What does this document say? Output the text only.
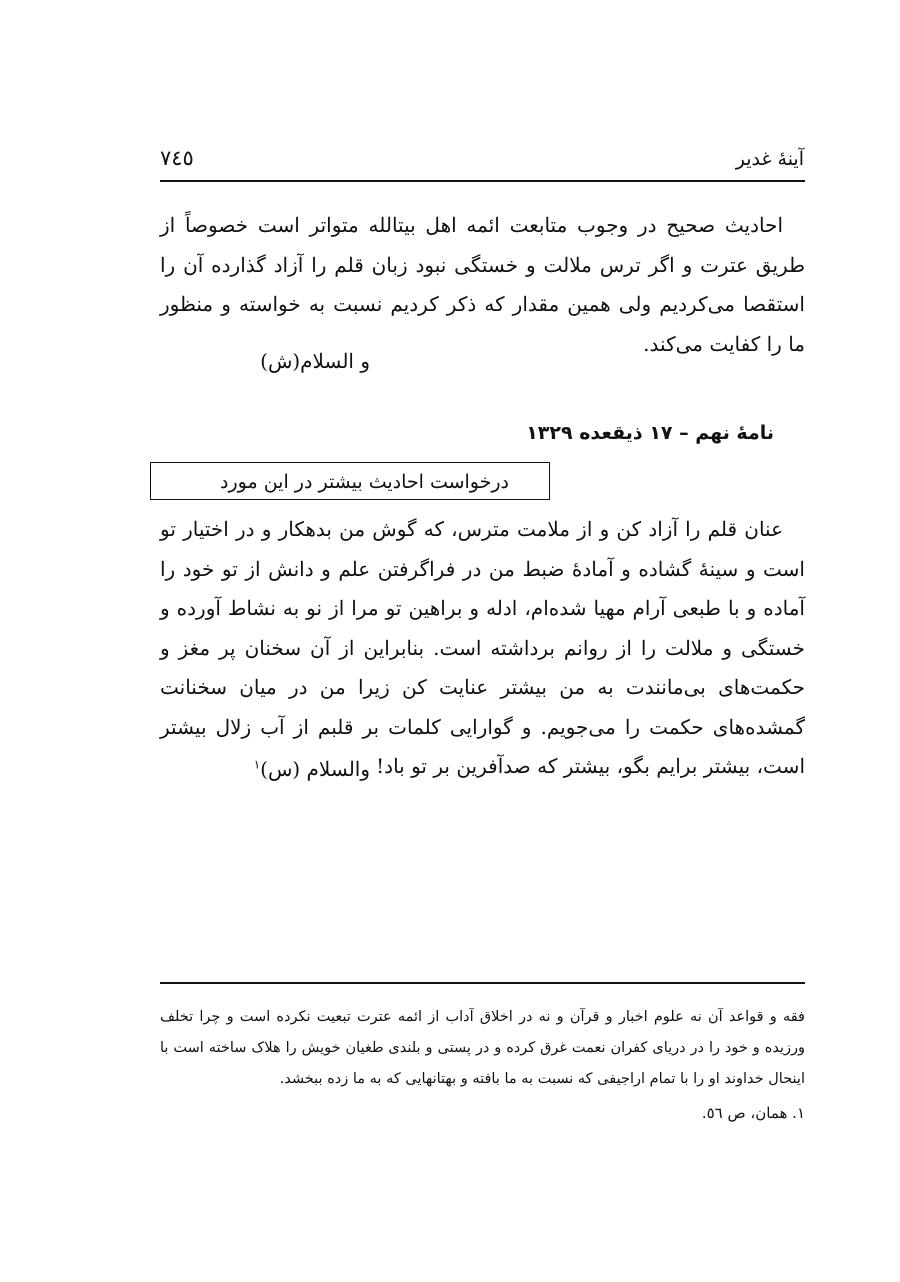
آینهٔ غدیر
٧٤٥

احادیث صحیح در وجوب متابعت ائمه اهل بیتالله متواتر است خصوصاً از طریق عترت و اگر ترس ملالت و خستگی نبود زبان قلم را آزاد گذارده آن را استقصا می‌کردیم ولی همین مقدار که ذکر کردیم نسبت به خواسته و منظور ما را کفایت می‌کند.

و السلام(ش)
نامهٔ نهم – ۱۷ ذیقعده ۱۳۲۹
درخواست احادیث بیشتر در این مورد

عنان قلم را آزاد کن و از ملامت مترس، که گوش من بدهکار و در اختیار تو است و سینهٔ گشاده و آمادهٔ ضبط من در فراگرفتن علم و دانش از تو خود را آماده و با طبعی آرام مهیا شده‌ام، ادله و براهین تو مرا از نو به نشاط آورده و خستگی و ملالت را از روانم برداشته است. بنابراین از آن سخنان پر مغز و حکمت‌های بی‌مانندت به من بیشتر عنایت کن زیرا من در میان سخنانت گمشده‌های حکمت را می‌جویم. و گوارایی کلمات بر قلبم از آب زلال بیشتر است، بیشتر برایم بگو، بیشتر که صدآفرین بر تو باد!

والسلام (س)$^۱$

فقه و قواعد آن نه علوم اخبار و قرآن و نه در اخلاق آداب از ائمه عترت تبعیت نکرده است و چرا تخلف ورزیده و خود را در دریای کفران نعمت غرق کرده و در پستی و بلندی طغیان خویش را هلاک ساخته است با اینحال خداوند او را با تمام اراجیفی که نسبت به ما بافته و بهتانهایی که به ما زده ببخشد.

۱. همان، ص ٥٦.
